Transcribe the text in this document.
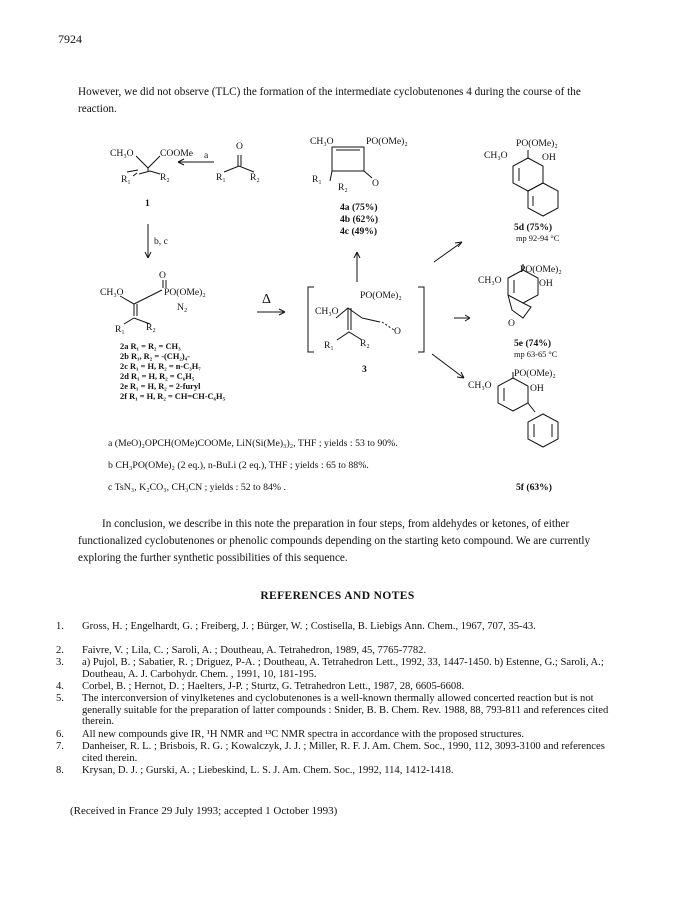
7924
However, we did not observe (TLC) the formation of the intermediate cyclobutenones 4 during the course of the reaction.
CH₃O	COOMe
R₁	R₂
1
a
O
R₁	R₂
CH₃O	PO(OMe)₂
R₁
R₂	O
4a (75%)
4b (62%)
4c (49%)
b, c
CH₃O
O
PO(OMe)₂
N₂
R₁ R₂
2a R₁ = R₂ = CH₃
2b R₁, R₂ = -(CH₂)₄-
2c R₁ = H, R₂ = n-C₃H₇
2d R₁ = H, R₂ = C₆H₅
2e R₁ = H, R₂ = 2-furyl
2f R₁ = H, R₂ = CH=CH-C₆H₅
Δ	PO(OMe)₂
CH₃O
R₁	R₂
O
3
PO(OMe)₂
CH₃O	OH
5d (75%)
mp 92-94 °C
PO(OMe)₂
CH₃O	OH
O
5e (74%)
mp 63-65 °C
PO(OMe)₂
CH₃O	OH
5f (63%)
a (MeO)₂OPCH(OMe)COOMe, LiN(Si(Me)₃)₂, THF ; yields : 53 to 90%.
b CH₃PO(OMe)₂ (2 eq.), n-BuLi (2 eq.), THF ; yields : 65 to 88%.
c TsN₃, K₂CO₃, CH₃CN ; yields : 52 to 84% .
In conclusion, we describe in this note the preparation in four steps, from aldehydes or ketones, of either functionalized cyclobutenones or phenolic compounds depending on the starting keto compound. We are currently exploring the further synthetic possibilities of this sequence.
REFERENCES AND NOTES
1. Gross, H. ; Engelhardt, G. ; Freiberg, J. ; Bürger, W. ; Costisella, B. Liebigs Ann. Chem., 1967, 707, 35-43.
2. Faivre, V. ; Lila, C. ; Saroli, A. ; Doutheau, A. Tetrahedron, 1989, 45, 7765-7782.
3. a) Pujol, B. ; Sabatier, R. ; Driguez, P-A. ; Doutheau, A. Tetrahedron Lett., 1992, 33, 1447-1450. b) Estenne, G.; Saroli, A.; Doutheau, A. J. Carbohydr. Chem. , 1991, 10, 181-195.
4. Corbel, B. ; Hernot, D. ; Haelters, J-P. ; Sturtz, G. Tetrahedron Lett., 1987, 28, 6605-6608.
5. The interconversion of vinylketenes and cyclobutenones is a well-known thermally allowed concerted reaction but is not generally suitable for the preparation of latter compounds : Snider, B. B. Chem. Rev. 1988, 88, 793-811 and references cited therein.
6. All new compounds give IR, ¹H NMR and ¹³C NMR spectra in accordance with the proposed structures.
7. Danheiser, R. L. ; Brisbois, R. G. ; Kowalczyk, J. J. ; Miller, R. F. J. Am. Chem. Soc., 1990, 112, 3093-3100 and references cited therein.
8. Krysan, D. J. ; Gurski, A. ; Liebeskind, L. S. J. Am. Chem. Soc., 1992, 114, 1412-1418.
(Received in France 29 July 1993; accepted 1 October 1993)
